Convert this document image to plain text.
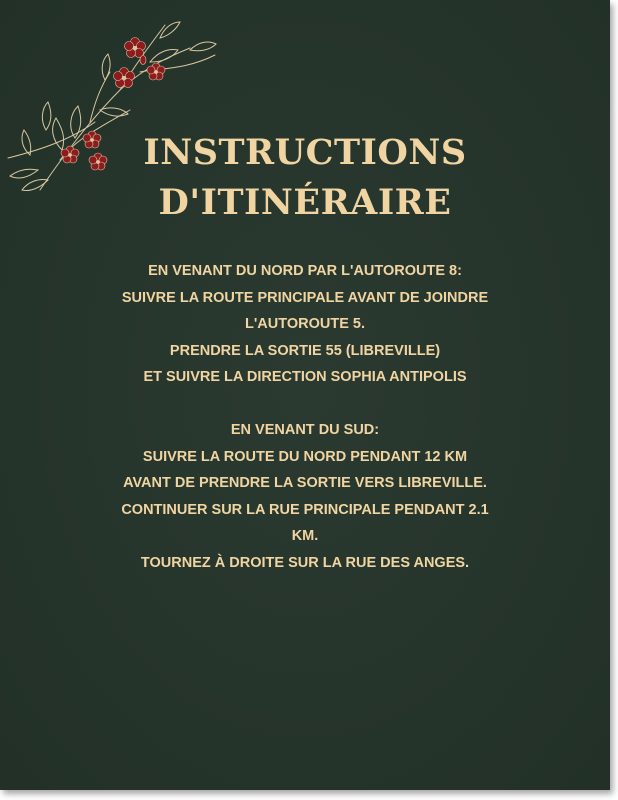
INSTRUCTIONS
D'ITINÉRAIRE
EN VENANT DU NORD PAR L'AUTOROUTE 8:
SUIVRE LA ROUTE PRINCIPALE AVANT DE JOINDRE
L'AUTOROUTE 5.
PRENDRE LA SORTIE 55 (LIBREVILLE)
ET SUIVRE LA DIRECTION SOPHIA ANTIPOLIS
EN VENANT DU SUD:
SUIVRE LA ROUTE DU NORD PENDANT 12 KM
AVANT DE PRENDRE LA SORTIE VERS LIBREVILLE.
CONTINUER SUR LA RUE PRINCIPALE PENDANT 2.1
KM.
TOURNEZ À DROITE SUR LA RUE DES ANGES.
